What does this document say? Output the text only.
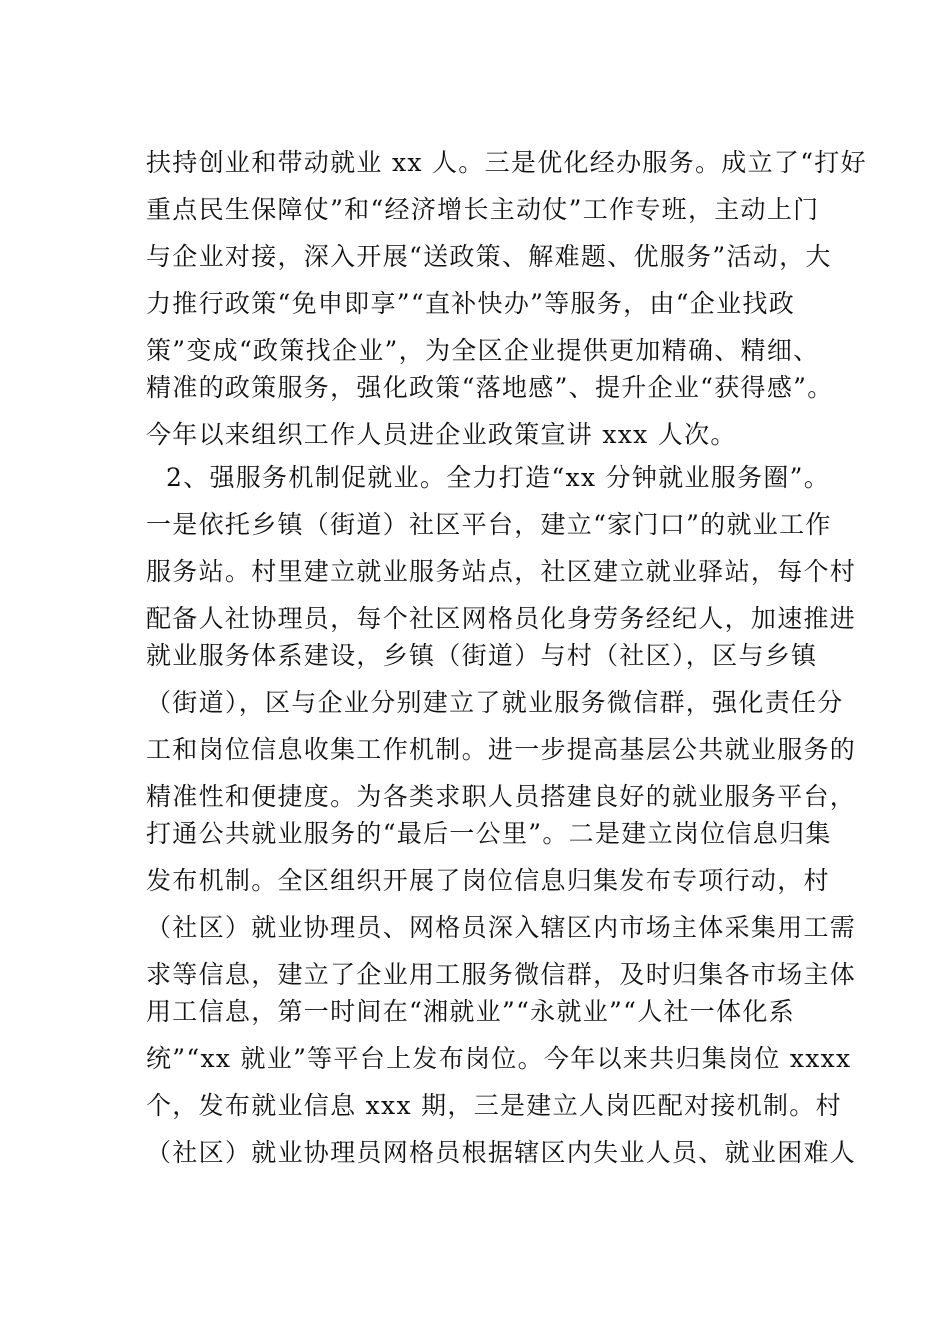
扶持创业和带动就业 xx 人。三是优化经办服务。成立了“打好
重点民生保障仗”和“经济增长主动仗”工作专班，主动上门
与企业对接，深入开展“送政策、解难题、优服务”活动，大
力推行政策“免申即享”“直补快办”等服务，由“企业找政
策”变成“政策找企业”，为全区企业提供更加精确、精细、
精准的政策服务，强化政策“落地感”、提升企业“获得感”。
今年以来组织工作人员进企业政策宣讲 xxx 人次。
2、强服务机制促就业。全力打造“xx 分钟就业服务圈”。
一是依托乡镇（街道）社区平台，建立“家门口”的就业工作
服务站。村里建立就业服务站点，社区建立就业驿站，每个村
配备人社协理员，每个社区网格员化身劳务经纪人，加速推进
就业服务体系建设，乡镇（街道）与村（社区），区与乡镇
（街道），区与企业分别建立了就业服务微信群，强化责任分
工和岗位信息收集工作机制。进一步提高基层公共就业服务的
精准性和便捷度。为各类求职人员搭建良好的就业服务平台，
打通公共就业服务的“最后一公里”。二是建立岗位信息归集
发布机制。全区组织开展了岗位信息归集发布专项行动，村
（社区）就业协理员、网格员深入辖区内市场主体采集用工需
求等信息，建立了企业用工服务微信群，及时归集各市场主体
用工信息，第一时间在“湘就业”“永就业”“人社一体化系
统”“xx 就业”等平台上发布岗位。今年以来共归集岗位 xxxx
个，发布就业信息 xxx 期，三是建立人岗匹配对接机制。村
（社区）就业协理员网格员根据辖区内失业人员、就业困难人
